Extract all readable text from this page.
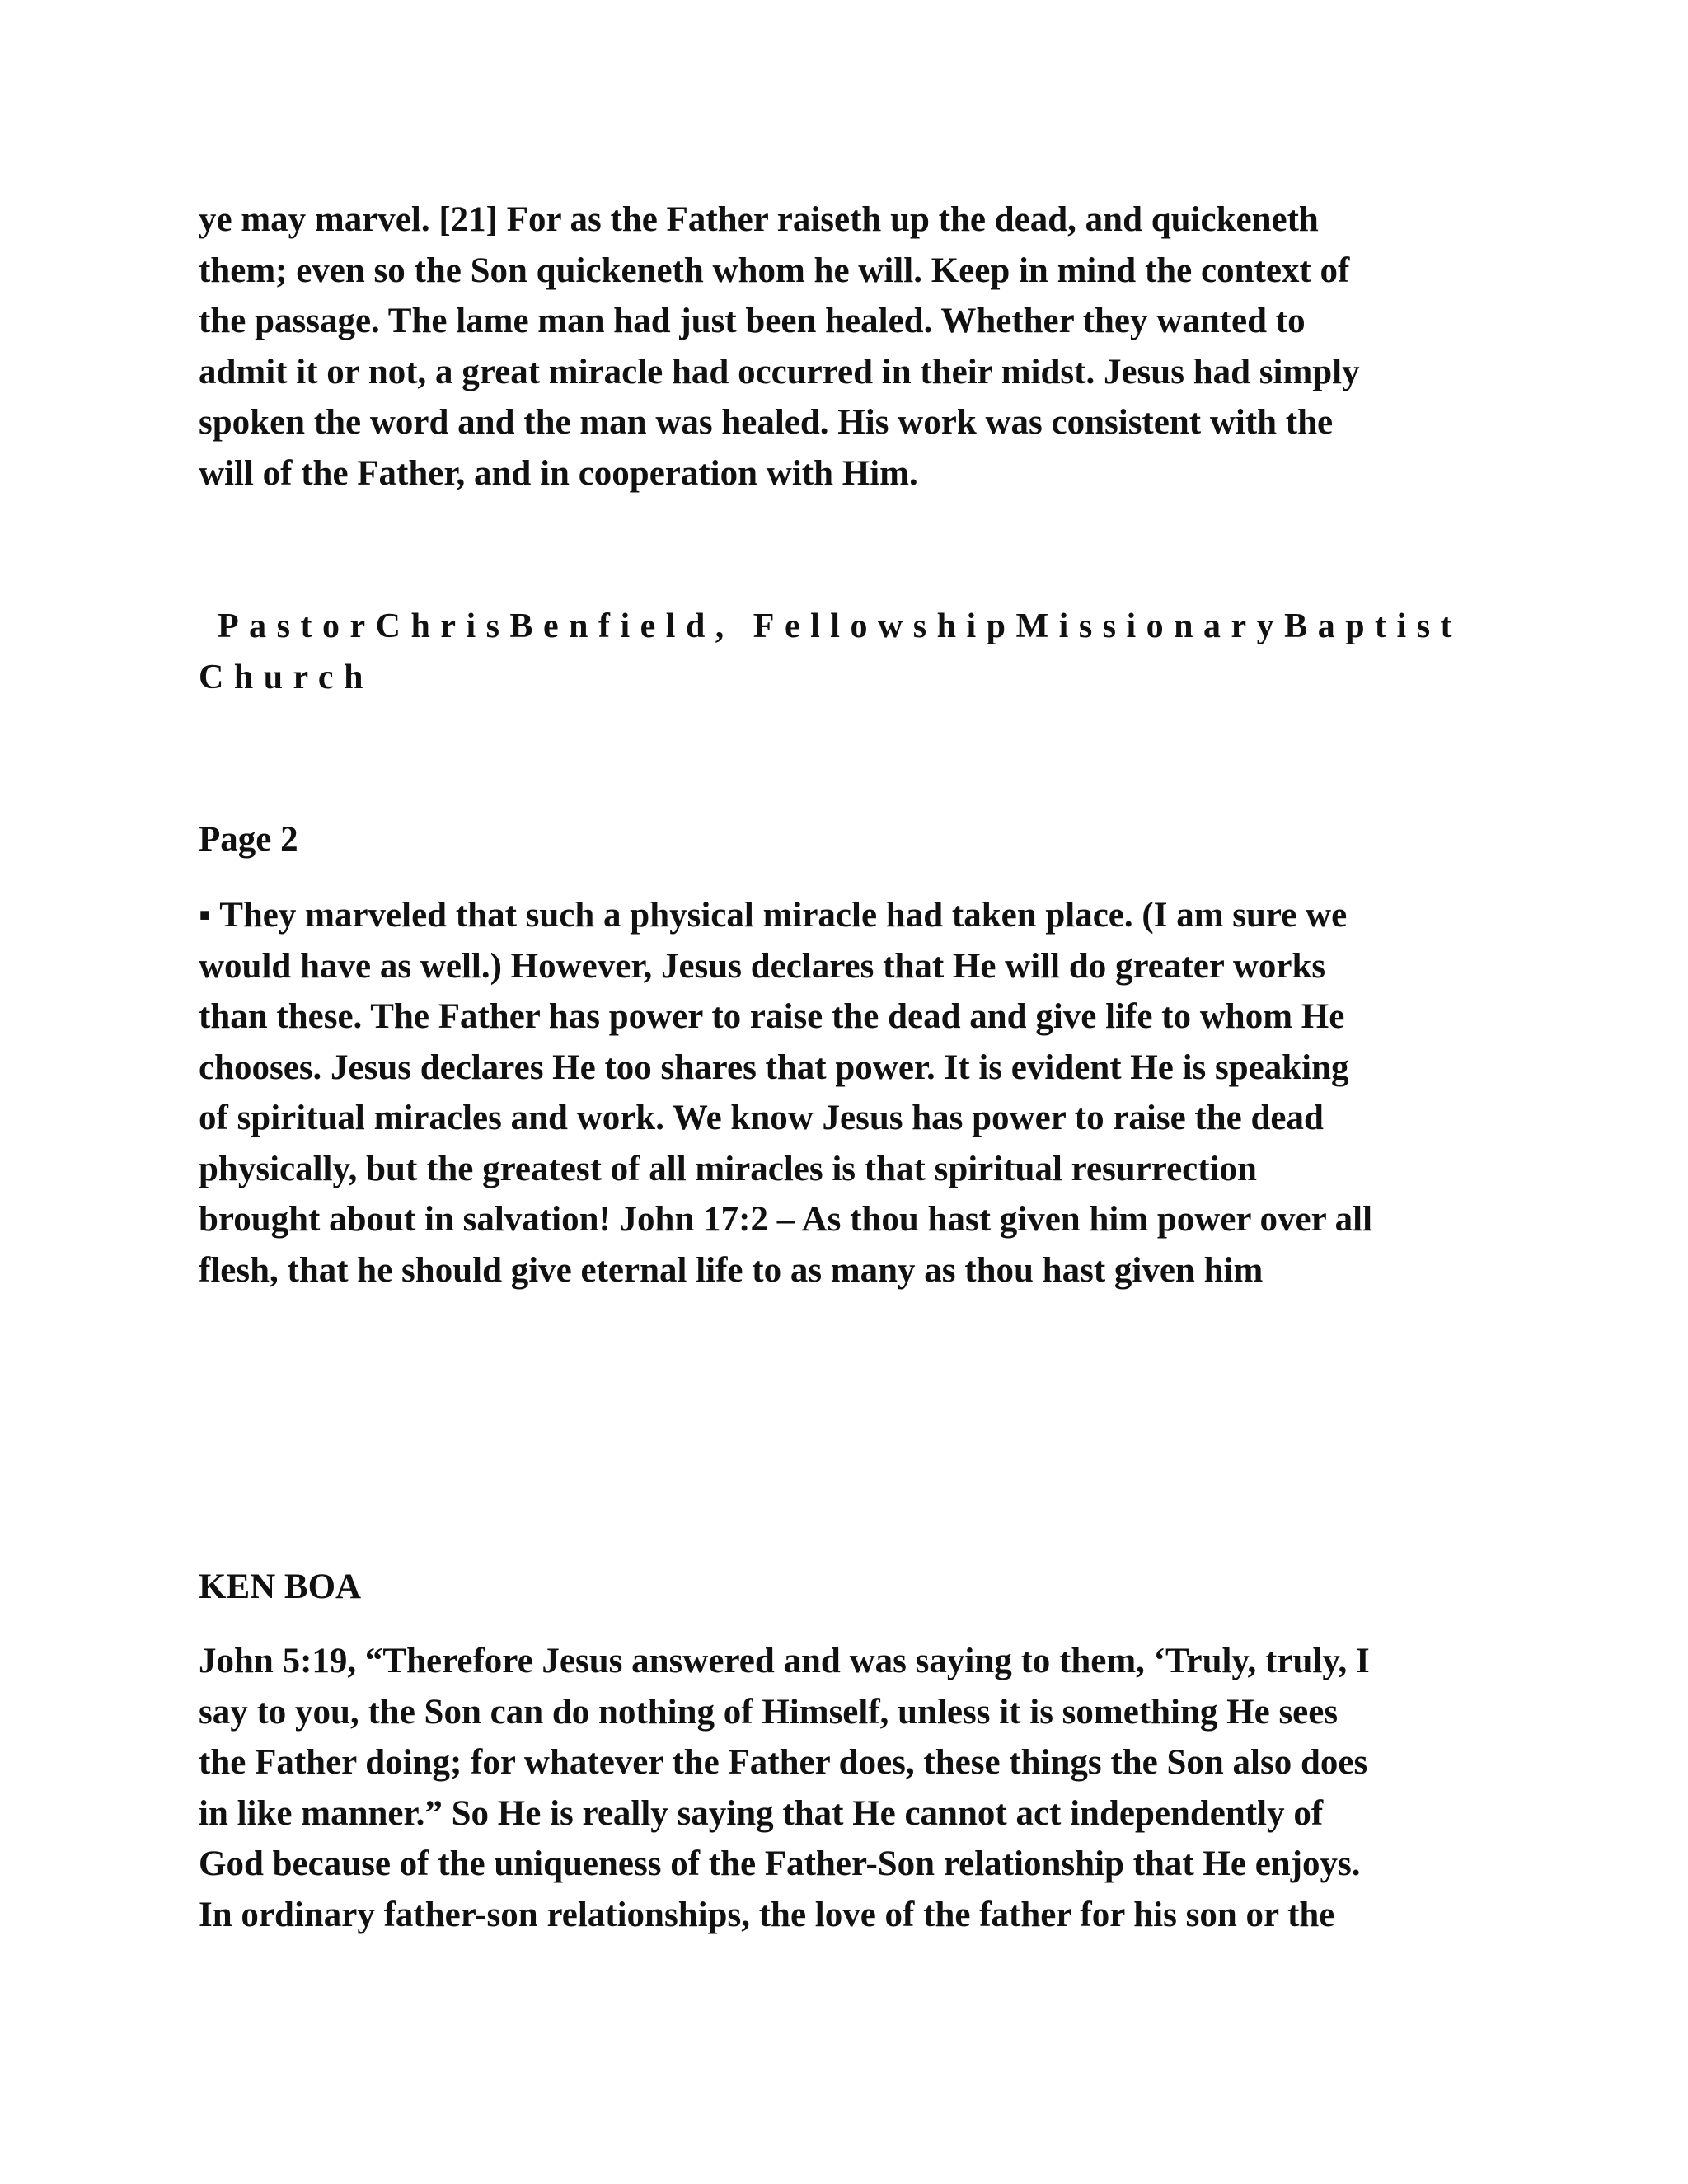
ye may marvel. [21] For as the Father raiseth up the dead, and quickeneth
them; even so the Son quickeneth whom he will. Keep in mind the context of
the passage. The lame man had just been healed. Whether they wanted to
admit it or not, a great miracle had occurred in their midst. Jesus had simply
spoken the word and the man was healed. His work was consistent with the
will of the Father, and in cooperation with Him.
PastorChrisBenfield, FellowshipMissionaryBaptist
Church
Page 2
▪ They marveled that such a physical miracle had taken place. (I am sure we
would have as well.) However, Jesus declares that He will do greater works
than these. The Father has power to raise the dead and give life to whom He
chooses. Jesus declares He too shares that power. It is evident He is speaking
of spiritual miracles and work. We know Jesus has power to raise the dead
physically, but the greatest of all miracles is that spiritual resurrection
brought about in salvation! John 17:2 – As thou hast given him power over all
flesh, that he should give eternal life to as many as thou hast given him
KEN BOA
John 5:19, “Therefore Jesus answered and was saying to them, ‘Truly, truly, I
say to you, the Son can do nothing of Himself, unless it is something He sees
the Father doing; for whatever the Father does, these things the Son also does
in like manner.” So He is really saying that He cannot act independently of
God because of the uniqueness of the Father-Son relationship that He enjoys.
In ordinary father-son relationships, the love of the father for his son or the
